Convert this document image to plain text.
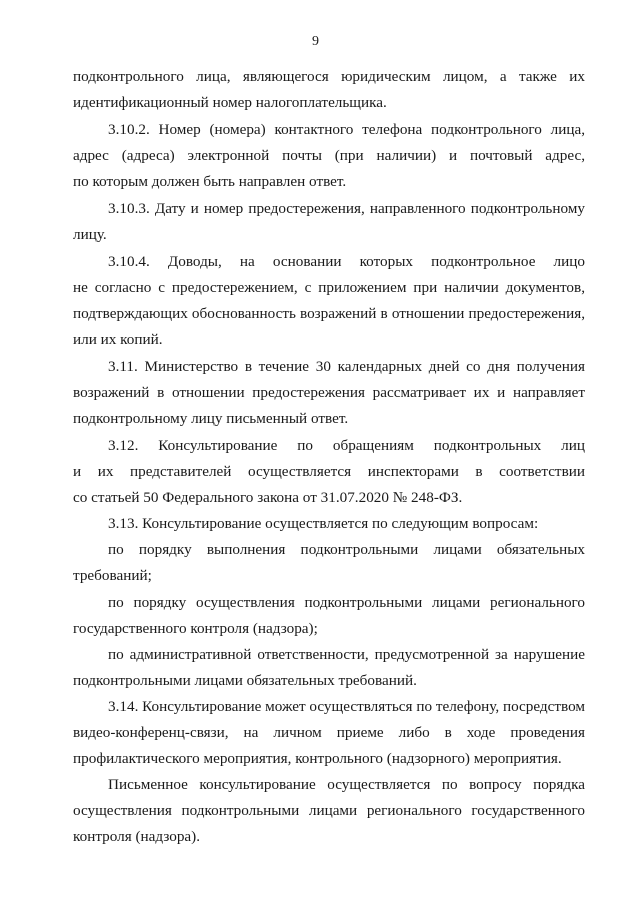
9
подконтрольного лица, являющегося юридическим лицом, а также их
идентификационный номер налогоплательщика.
3.10.2. Номер (номера) контактного телефона подконтрольного лица,
адрес (адреса) электронной почты (при наличии) и почтовый адрес,
по которым должен быть направлен ответ.
3.10.3. Дату и номер предостережения, направленного подконтрольному
лицу.
3.10.4. Доводы, на основании которых подконтрольное лицо
не согласно с предостережением, с приложением при наличии документов,
подтверждающих обоснованность возражений в отношении предостережения,
или их копий.
3.11. Министерство в течение 30 календарных дней со дня получения
возражений в отношении предостережения рассматривает их и направляет
подконтрольному лицу письменный ответ.
3.12. Консультирование по обращениям подконтрольных лиц
и их представителей осуществляется инспекторами в соответствии
со статьей 50 Федерального закона от 31.07.2020 № 248-ФЗ.
3.13. Консультирование осуществляется по следующим вопросам:
по порядку выполнения подконтрольными лицами обязательных
требований;
по порядку осуществления подконтрольными лицами регионального
государственного контроля (надзора);
по административной ответственности, предусмотренной за нарушение
подконтрольными лицами обязательных требований.
3.14. Консультирование может осуществляться по телефону, посредством
видео-конференц-связи, на личном приеме либо в ходе проведения
профилактического мероприятия, контрольного (надзорного) мероприятия.
Письменное консультирование осуществляется по вопросу порядка
осуществления подконтрольными лицами регионального государственного
контроля (надзора).
